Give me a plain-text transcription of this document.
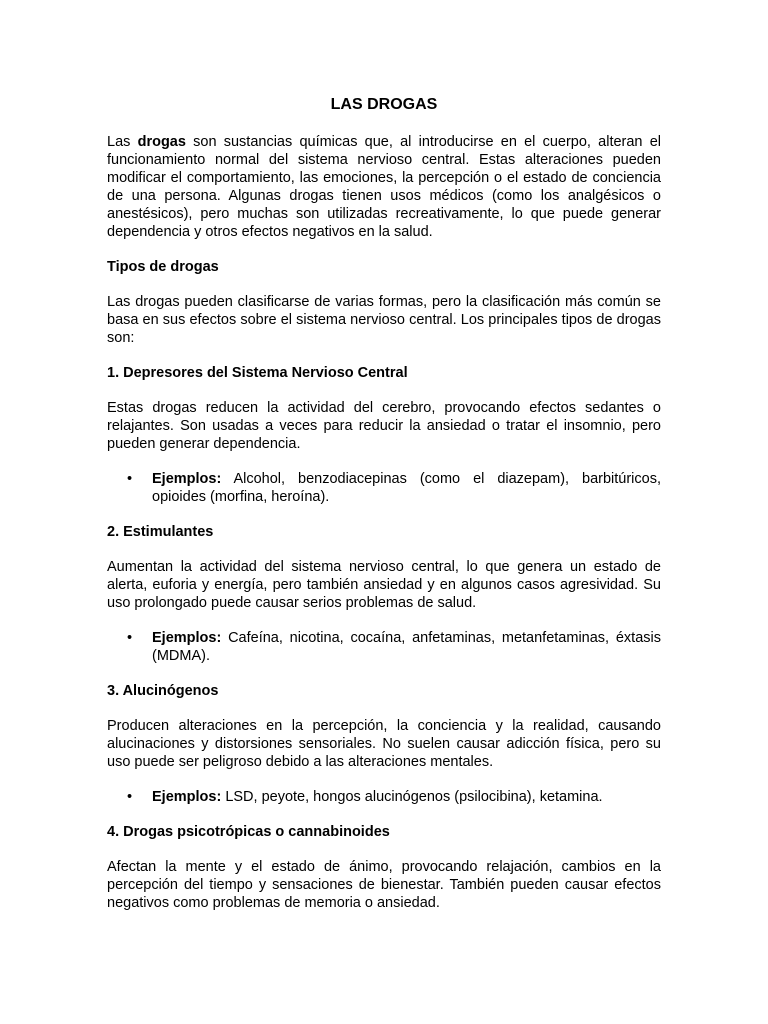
LAS DROGAS

Las drogas son sustancias químicas que, al introducirse en el cuerpo, alteran el funcionamiento normal del sistema nervioso central. Estas alteraciones pueden modificar el comportamiento, las emociones, la percepción o el estado de conciencia de una persona. Algunas drogas tienen usos médicos (como los analgésicos o anestésicos), pero muchas son utilizadas recreativamente, lo que puede generar dependencia y otros efectos negativos en la salud.

Tipos de drogas

Las drogas pueden clasificarse de varias formas, pero la clasificación más común se basa en sus efectos sobre el sistema nervioso central. Los principales tipos de drogas son:

1. Depresores del Sistema Nervioso Central

Estas drogas reducen la actividad del cerebro, provocando efectos sedantes o relajantes. Son usadas a veces para reducir la ansiedad o tratar el insomnio, pero pueden generar dependencia.

• Ejemplos: Alcohol, benzodiacepinas (como el diazepam), barbitúricos, opioides (morfina, heroína).
2. Estimulantes

Aumentan la actividad del sistema nervioso central, lo que genera un estado de alerta, euforia y energía, pero también ansiedad y en algunos casos agresividad. Su uso prolongado puede causar serios problemas de salud.

• Ejemplos: Cafeína, nicotina, cocaína, anfetaminas, metanfetaminas, éxtasis (MDMA).
3. Alucinógenos

Producen alteraciones en la percepción, la conciencia y la realidad, causando alucinaciones y distorsiones sensoriales. No suelen causar adicción física, pero su uso puede ser peligroso debido a las alteraciones mentales.

• Ejemplos: LSD, peyote, hongos alucinógenos (psilocibina), ketamina.
4. Drogas psicotrópicas o cannabinoides

Afectan la mente y el estado de ánimo, provocando relajación, cambios en la percepción del tiempo y sensaciones de bienestar. También pueden causar efectos negativos como problemas de memoria o ansiedad.
